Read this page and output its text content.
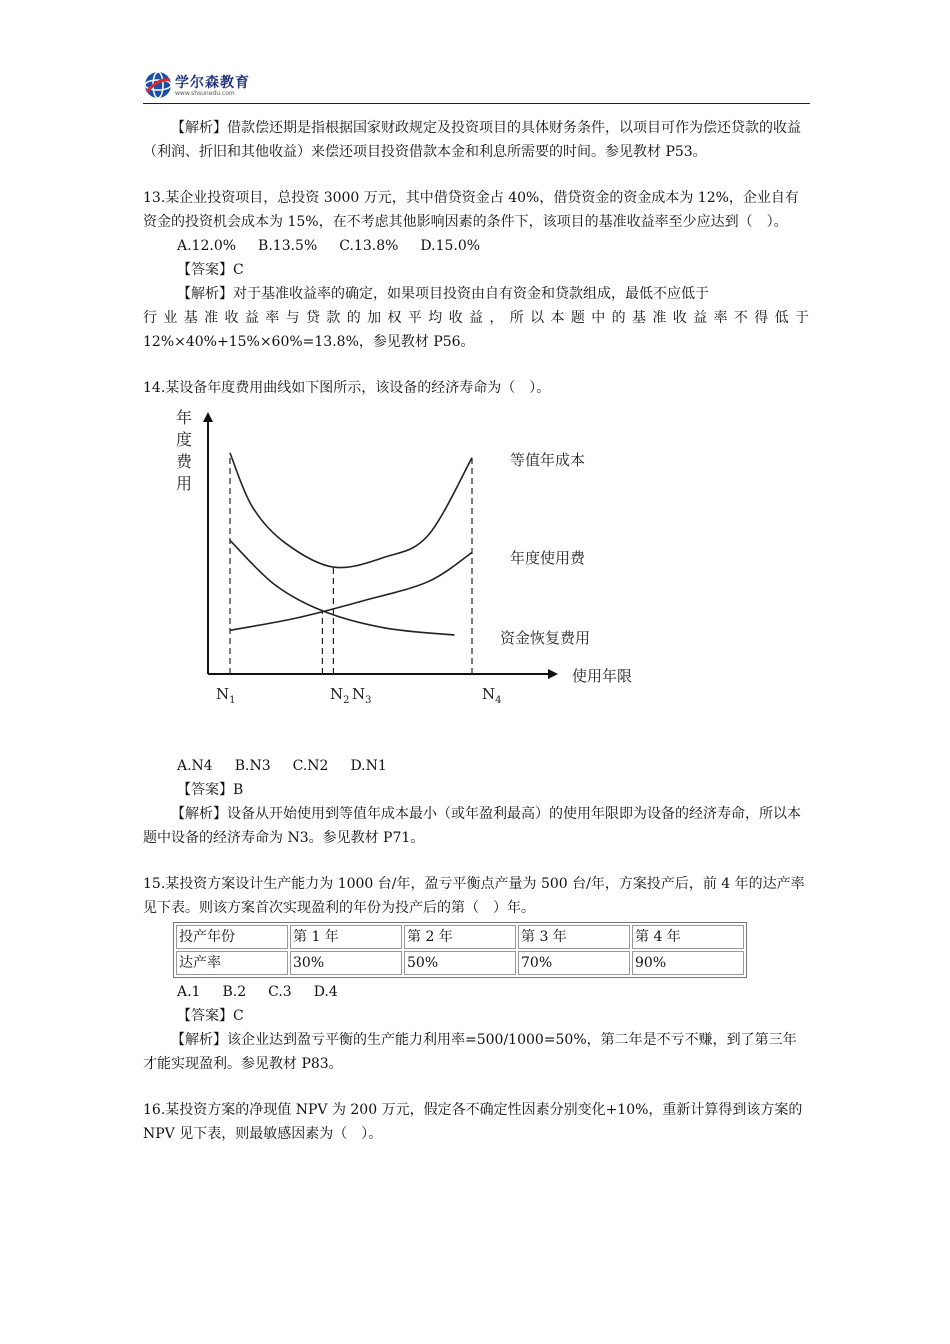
学尔森教育
www.shsunedu.com

【解析】借款偿还期是指根据国家财政规定及投资项目的具体财务条件，以项目可作为偿还贷款的收益（利润、折旧和其他收益）来偿还项目投资借款本金和利息所需要的时间。参见教材 P53。

13.某企业投资项目，总投资 3000 万元，其中借贷资金占 40%，借贷资金的资金成本为 12%，企业自有资金的投资机会成本为 15%，在不考虑其他影响因素的条件下，该项目的基准收益率至少应达到（　）。

A.12.0% B.13.5% C.13.8% D.15.0%

【答案】C

【解析】对于基准收益率的确定，如果项目投资由自有资金和贷款组成，最低不应低于

行业基准收益率与贷款的加权平均收益，所以本题中的基准收益率不得低于

12%×40%+15%×60%=13.8%，参见教材 P56。

14.某设备年度费用曲线如下图所示，该设备的经济寿命为（　）。

年
度
费
用
等值年成本
年度使用费
资金恢复费用
使用年限
$N_1$	$N_2$ $N_3$	$N_4$

A.N4 B.N3 C.N2 D.N1

【答案】B

【解析】设备从开始使用到等值年成本最小（或年盈利最高）的使用年限即为设备的经济寿命，所以本题中设备的经济寿命为 N3。参见教材 P71。

15.某投资方案设计生产能力为 1000 台/年，盈亏平衡点产量为 500 台/年，方案投产后，前 4 年的达产率见下表。则该方案首次实现盈利的年份为投产后的第（　）年。

投产年份	第 1 年	第 2 年	第 3 年	第 4 年
达产率	30%	50%	70%	90%

A.1 B.2 C.3 D.4

【答案】C

【解析】该企业达到盈亏平衡的生产能力利用率=500/1000=50%，第二年是不亏不赚，到了第三年才能实现盈利。参见教材 P83。

16.某投资方案的净现值 NPV 为 200 万元，假定各不确定性因素分别变化+10%，重新计算得到该方案的 NPV 见下表，则最敏感因素为（　）。
